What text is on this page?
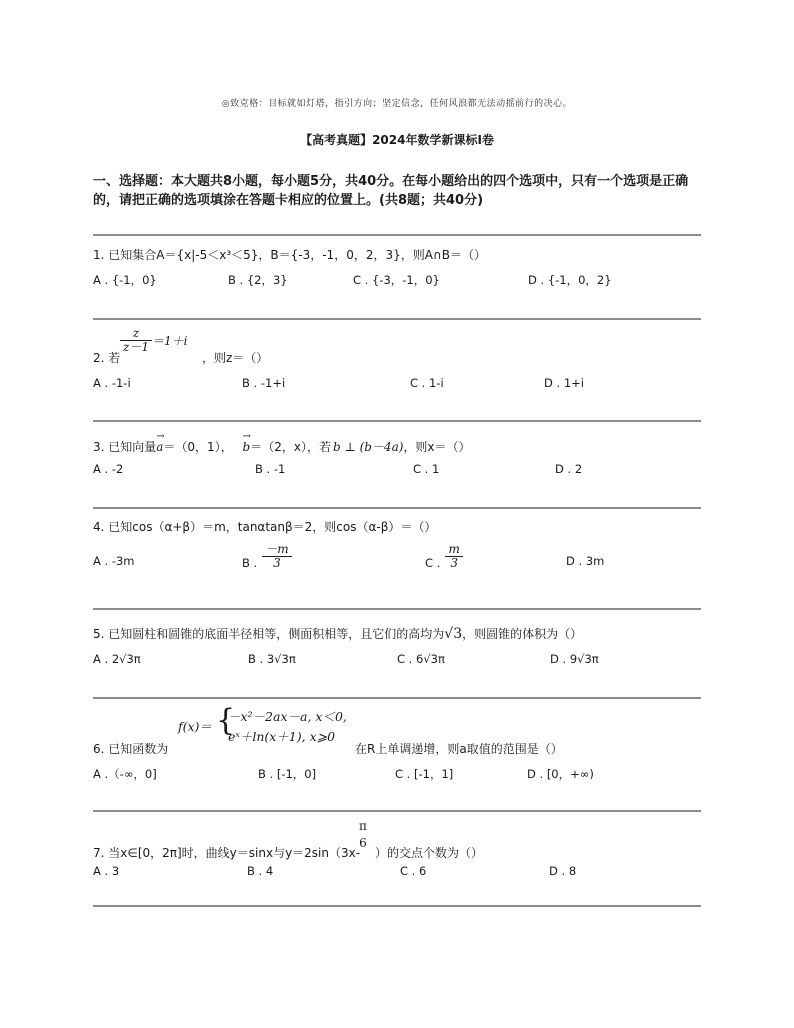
◎致克格：目标就如灯塔，指引方向；坚定信念，任何风浪都无法动摇前行的决心。
【高考真题】2024年数学新课标Ⅰ卷
一、选择题：本大题共8小题，每小题5分，共40分。在每小题给出的四个选项中，只有一个选项是正确的，请把正确的选项填涂在答题卡相应的位置上。(共8题；共40分)
1. 已知集合A＝{x|-5＜x³＜5}，B＝{-3，-1，0，2，3}，则A∩B＝（）
A . {-1，0}	B . {2，3}	C . {-3，-1，0}	D . {-1，0，2}
2. 若
$\frac{z}{z-1} =1+i$
，则z＝（）
A . -1-i	B . -1+i	C . 1-i	D . 1+i
3. 已知向量
→
a＝（0，1），
→
b＝（2，x），若 b ⊥ (b－4a)，则x＝（）
A . -2	B . -1	C . 1	D . 2
4. 已知cos（α+β）＝m，tanαtanβ＝2，则cos（α-β）＝（）
A . -3m	B . $\frac{-m}{3}$	C . $\frac{m}{3}$	D . 3m
5. 已知圆柱和圆锥的底面半径相等，侧面积相等，且它们的高均为√3，则圆锥的体积为（）
A . 2√3π	B . 3√3π	C . 6√3π	D . 9√3π
6. 已知函数为
f(x)＝ {
－x²－2ax－a, x＜0,
eˣ＋ln(x＋1), x⩾0
在R上单调递增，则a取值的范围是（）
A .（-∞，0]	B . [-1，0]	C . [-1，1]	D . [0，+∞)
7. 当x∈[0，2π]时，曲线y＝sinx与y＝2sin（3x-
π
6
）的交点个数为（）
A . 3	B . 4	C . 6	D . 8
